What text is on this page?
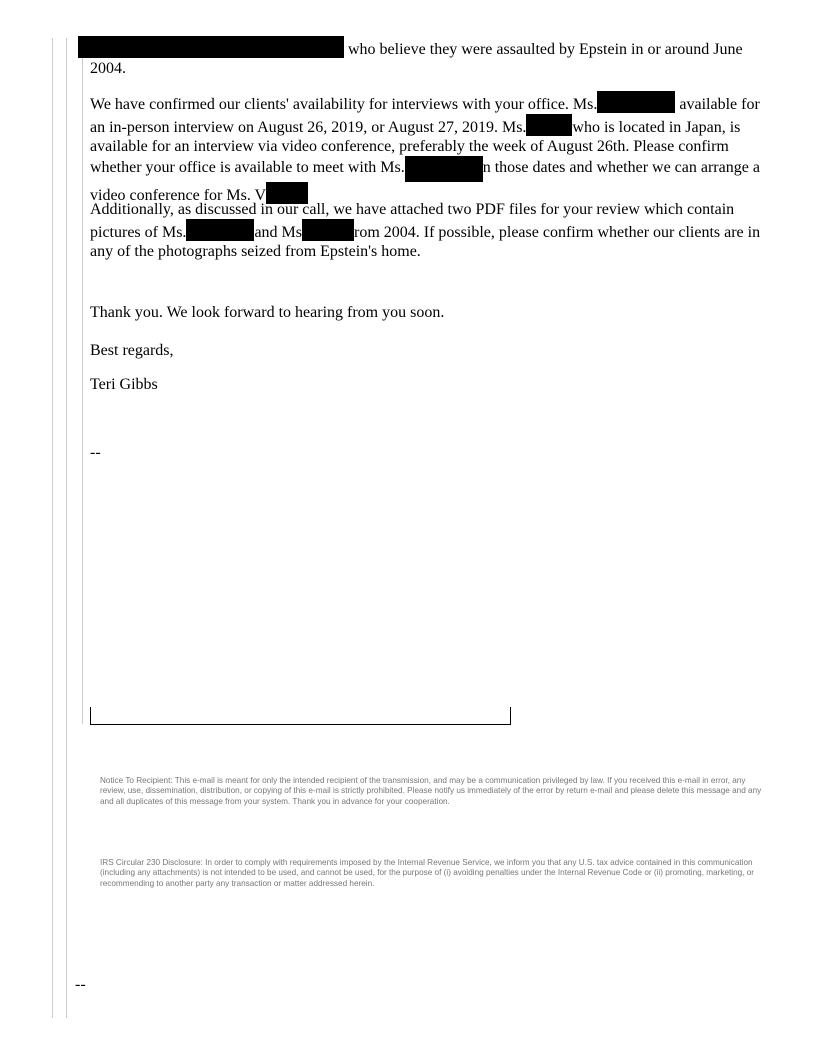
who believe they were assaulted by Epstein in or around June
2004.

We have confirmed our clients' availability for interviews with your office. Ms.	available for
an in-person interview on August 26, 2019, or August 27, 2019. Ms.	who is located in Japan, is
available for an interview via video conference, preferably the week of August 26th. Please confirm
whether your office is available to meet with Ms.	n those dates and whether we can arrange a
video conference for Ms. V

Additionally, as discussed in our call, we have attached two PDF files for your review which contain
pictures of Ms.	and Ms	rom 2004. If possible, please confirm whether our clients are in
any of the photographs seized from Epstein's home.

Thank you. We look forward to hearing from you soon.

Best regards,

Teri Gibbs

--

Notice To Recipient: This e-mail is meant for only the intended recipient of the transmission, and may be a communication privileged by law. If you received this e-mail in error, any review, use, dissemination, distribution, or copying of this e-mail is strictly prohibited. Please notify us immediately of the error by return e-mail and please delete this message and any and all duplicates of this message from your system. Thank you in advance for your cooperation.

IRS Circular 230 Disclosure: In order to comply with requirements imposed by the Internal Revenue Service, we inform you that any U.S. tax advice contained in this communication (including any attachments) is not intended to be used, and cannot be used, for the purpose of (i) avoiding penalties under the Internal Revenue Code or (ii) promoting, marketing, or recommending to another party any transaction or matter addressed herein.

--
